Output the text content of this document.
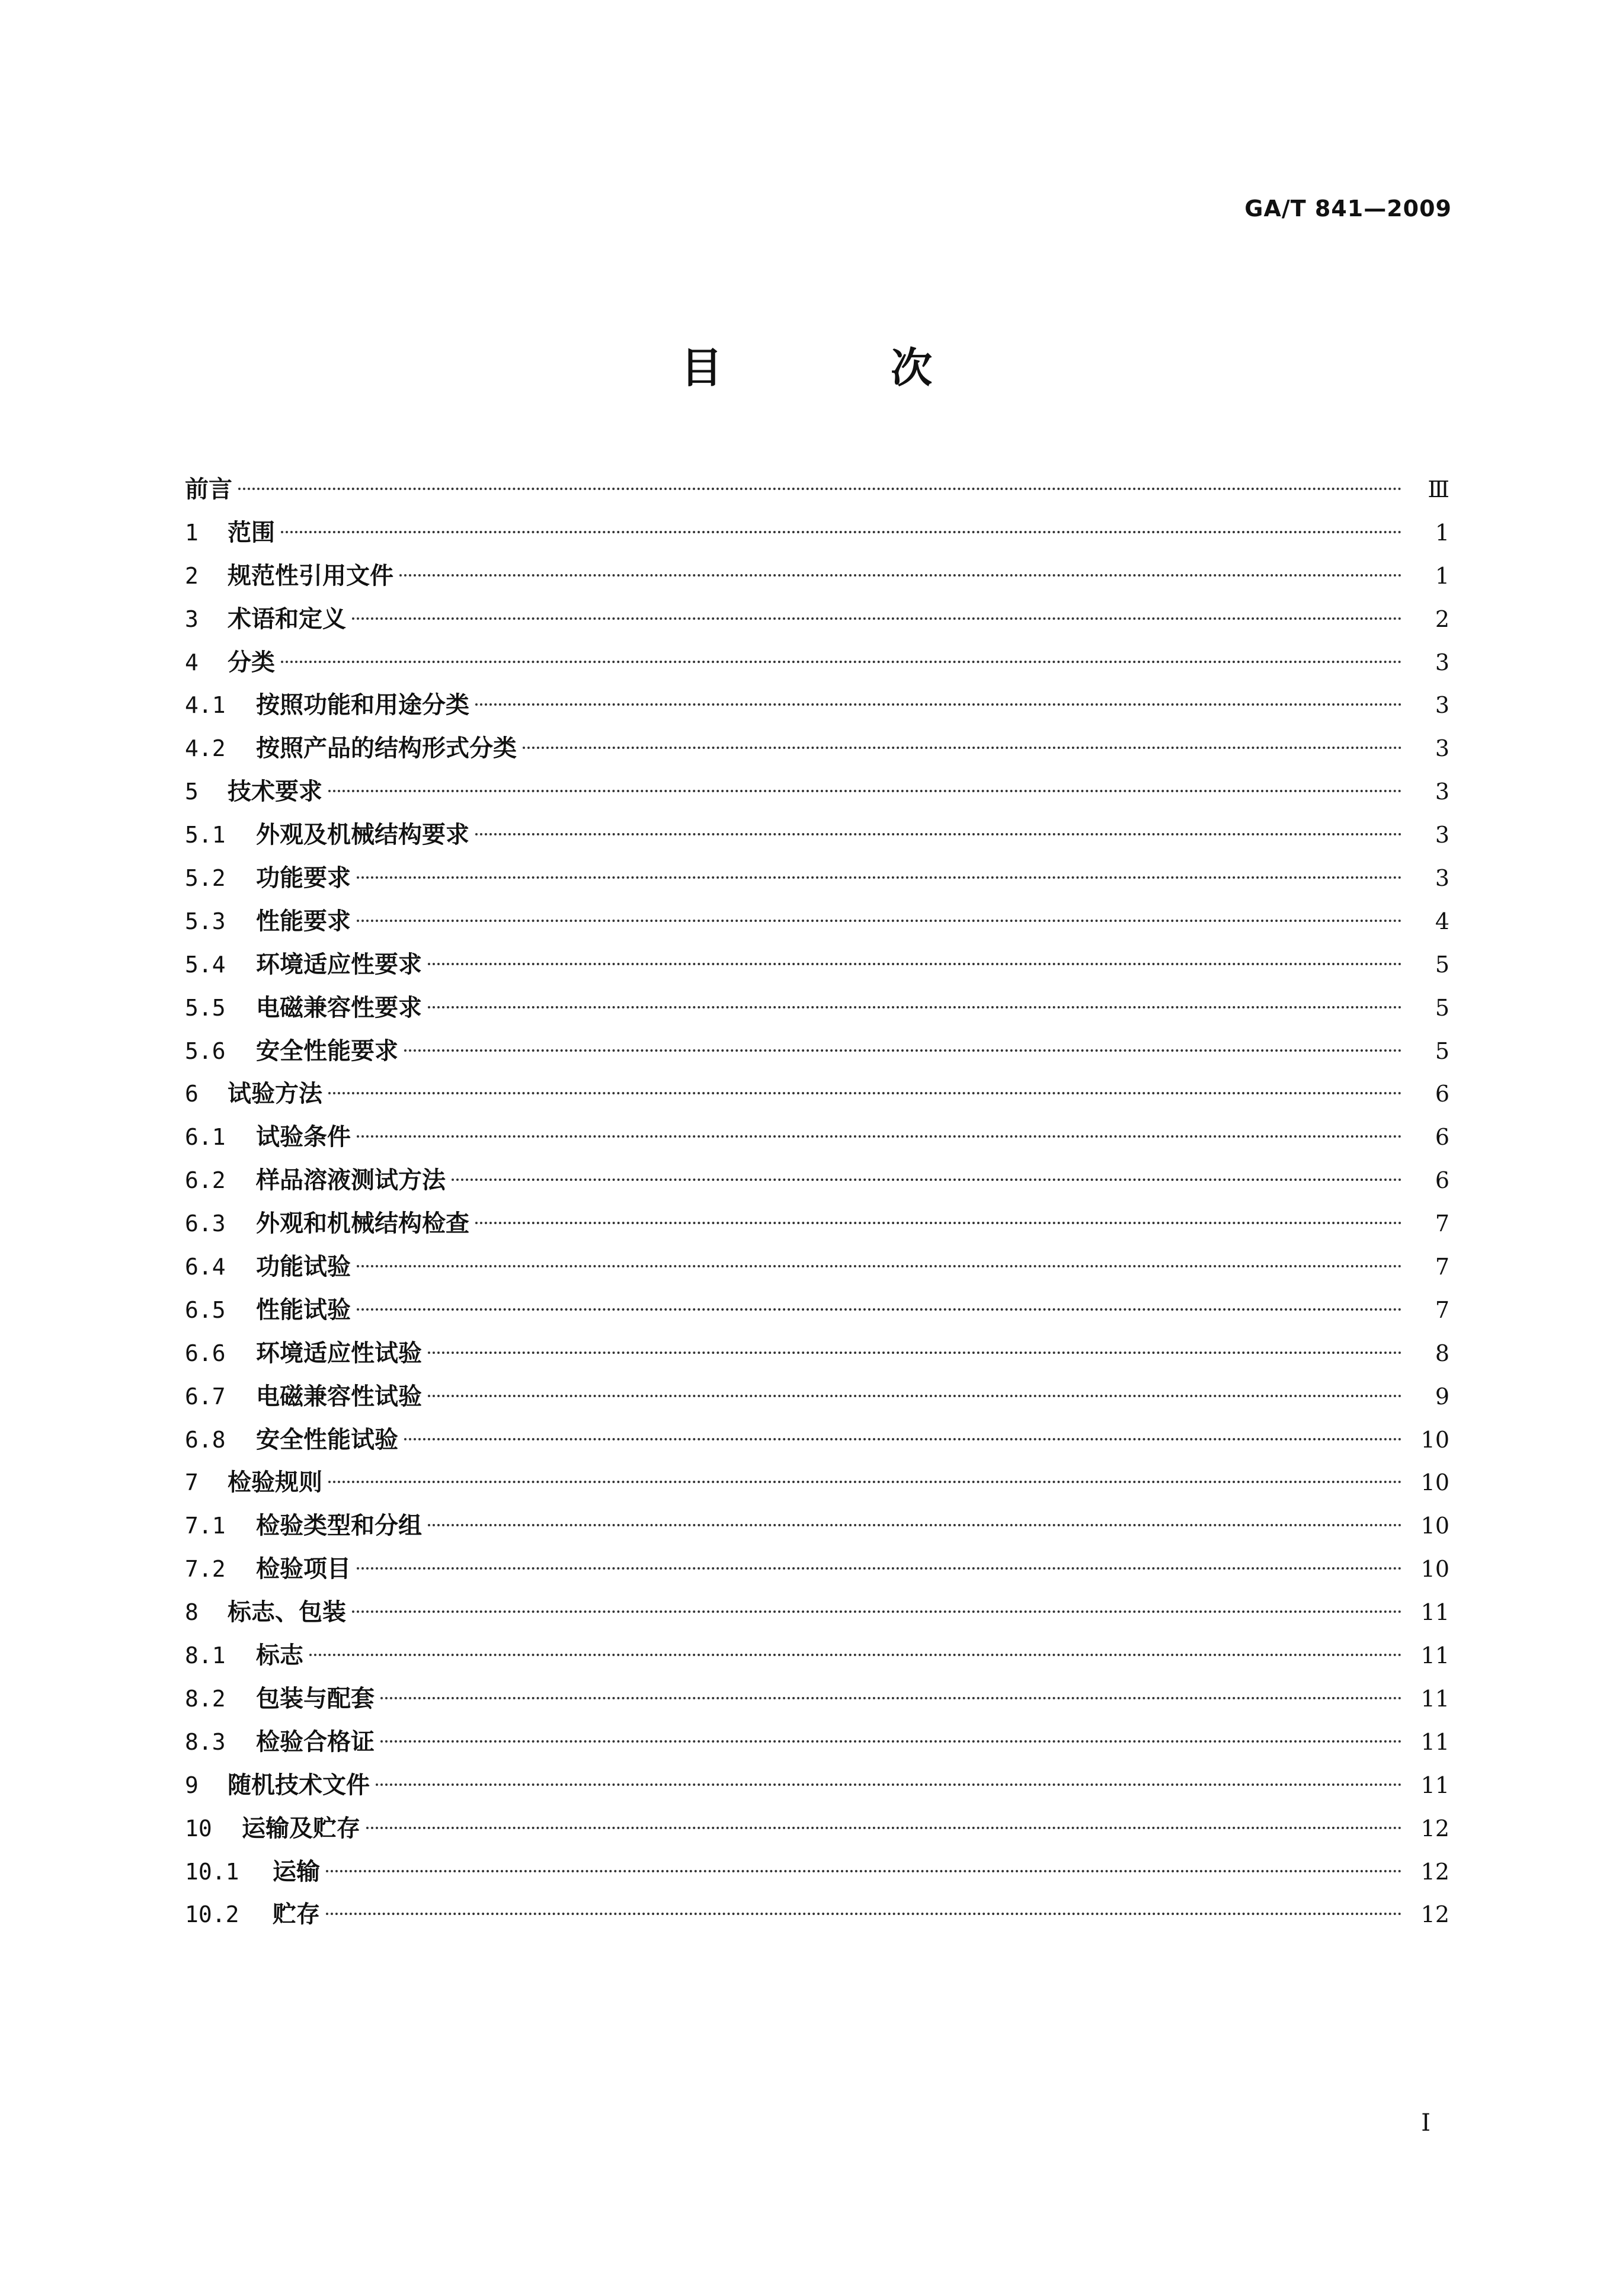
GA/T 841—2009
目 次
前言	Ⅲ
1	范围	1
2	规范性引用文件	1
3	术语和定义	2
4	分类	3
4.1	按照功能和用途分类	3
4.2	按照产品的结构形式分类	3
5	技术要求	3
5.1	外观及机械结构要求	3
5.2	功能要求	3
5.3	性能要求	4
5.4	环境适应性要求	5
5.5	电磁兼容性要求	5
5.6	安全性能要求	5
6	试验方法	6
6.1	试验条件	6
6.2	样品溶液测试方法	6
6.3	外观和机械结构检查	7
6.4	功能试验	7
6.5	性能试验	7
6.6	环境适应性试验	8
6.7	电磁兼容性试验	9
6.8	安全性能试验	10
7	检验规则	10
7.1	检验类型和分组	10
7.2	检验项目	10
8	标志、包装	11
8.1	标志	11
8.2	包装与配套	11
8.3	检验合格证	11
9	随机技术文件	11
10	运输及贮存	12
10.1	运输	12
10.2	贮存	12
I
